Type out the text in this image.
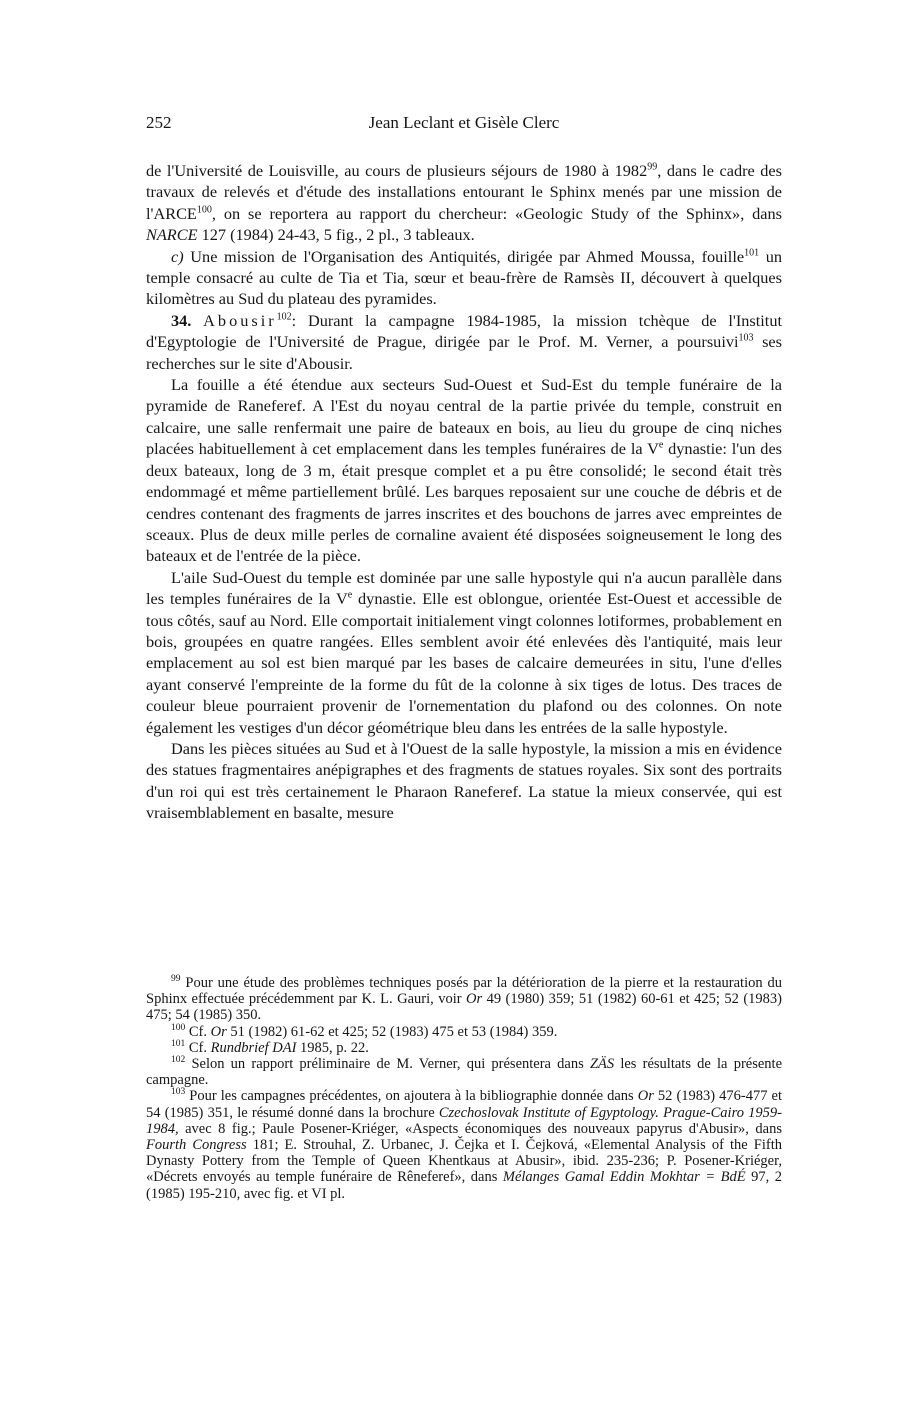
252	Jean Leclant et Gisèle Clerc

de l'Université de Louisville, au cours de plusieurs séjours de 1980 à 1982$^{99}$, dans le cadre des travaux de relevés et d'étude des installations entourant le Sphinx menés par une mission de l'ARCE$^{100}$, on se reportera au rapport du chercheur: «Geologic Study of the Sphinx», dans NARCE 127 (1984) 24-43, 5 fig., 2 pl., 3 tableaux.

c) Une mission de l'Organisation des Antiquités, dirigée par Ahmed Moussa, fouille$^{101}$ un temple consacré au culte de Tia et Tia, sœur et beau-frère de Ramsès II, découvert à quelques kilomètres au Sud du plateau des pyramides.

34. Abousir$^{102}$: Durant la campagne 1984-1985, la mission tchèque de l'Institut d'Egyptologie de l'Université de Prague, dirigée par le Prof. M. Verner, a poursuivi$^{103}$ ses recherches sur le site d'Abousir.

La fouille a été étendue aux secteurs Sud-Ouest et Sud-Est du temple funéraire de la pyramide de Raneferef. A l'Est du noyau central de la partie privée du temple, construit en calcaire, une salle renfermait une paire de bateaux en bois, au lieu du groupe de cinq niches placées habituellement à cet emplacement dans les temples funéraires de la Ve dynastie: l'un des deux bateaux, long de 3 m, était presque complet et a pu être consolidé; le second était très endommagé et même partiellement brûlé. Les barques reposaient sur une couche de débris et de cendres contenant des fragments de jarres inscrites et des bouchons de jarres avec empreintes de sceaux. Plus de deux mille perles de cornaline avaient été disposées soigneusement le long des bateaux et de l'entrée de la pièce.

L'aile Sud-Ouest du temple est dominée par une salle hypostyle qui n'a aucun parallèle dans les temples funéraires de la Ve dynastie. Elle est oblongue, orientée Est-Ouest et accessible de tous côtés, sauf au Nord. Elle comportait initialement vingt colonnes lotiformes, probablement en bois, groupées en quatre rangées. Elles semblent avoir été enlevées dès l'antiquité, mais leur emplacement au sol est bien marqué par les bases de calcaire demeurées in situ, l'une d'elles ayant conservé l'empreinte de la forme du fût de la colonne à six tiges de lotus. Des traces de couleur bleue pourraient provenir de l'ornementation du plafond ou des colonnes. On note également les vestiges d'un décor géométrique bleu dans les entrées de la salle hypostyle.

Dans les pièces situées au Sud et à l'Ouest de la salle hypostyle, la mission a mis en évidence des statues fragmentaires anépigraphes et des fragments de statues royales. Six sont des portraits d'un roi qui est très certainement le Pharaon Raneferef. La statue la mieux conservée, qui est vraisemblablement en basalte, mesure

$^{99}$ Pour une étude des problèmes techniques posés par la détérioration de la pierre et la restauration du Sphinx effectuée précédemment par K. L. Gauri, voir Or 49 (1980) 359; 51 (1982) 60-61 et 425; 52 (1983) 475; 54 (1985) 350.

$^{100}$ Cf. Or 51 (1982) 61-62 et 425; 52 (1983) 475 et 53 (1984) 359.

$^{101}$ Cf. Rundbrief DAI 1985, p. 22.

$^{102}$ Selon un rapport préliminaire de M. Verner, qui présentera dans ZÄS les résultats de la présente campagne.

$^{103}$ Pour les campagnes précédentes, on ajoutera à la bibliographie donnée dans Or 52 (1983) 476-477 et 54 (1985) 351, le résumé donné dans la brochure Czechoslovak Institute of Egyptology. Prague-Cairo 1959-1984, avec 8 fig.; Paule Posener-Kriéger, «Aspects économiques des nouveaux papyrus d'Abusir», dans Fourth Congress 181; E. Strouhal, Z. Urbanec, J. Čejka et I. Čejková, «Elemental Analysis of the Fifth Dynasty Pottery from the Temple of Queen Khentkaus at Abusir», ibid. 235-236; P. Posener-Kriéger, «Décrets envoyés au temple funéraire de Rêneferef», dans Mélanges Gamal Eddin Mokhtar = BdÉ 97, 2 (1985) 195-210, avec fig. et VI pl.
